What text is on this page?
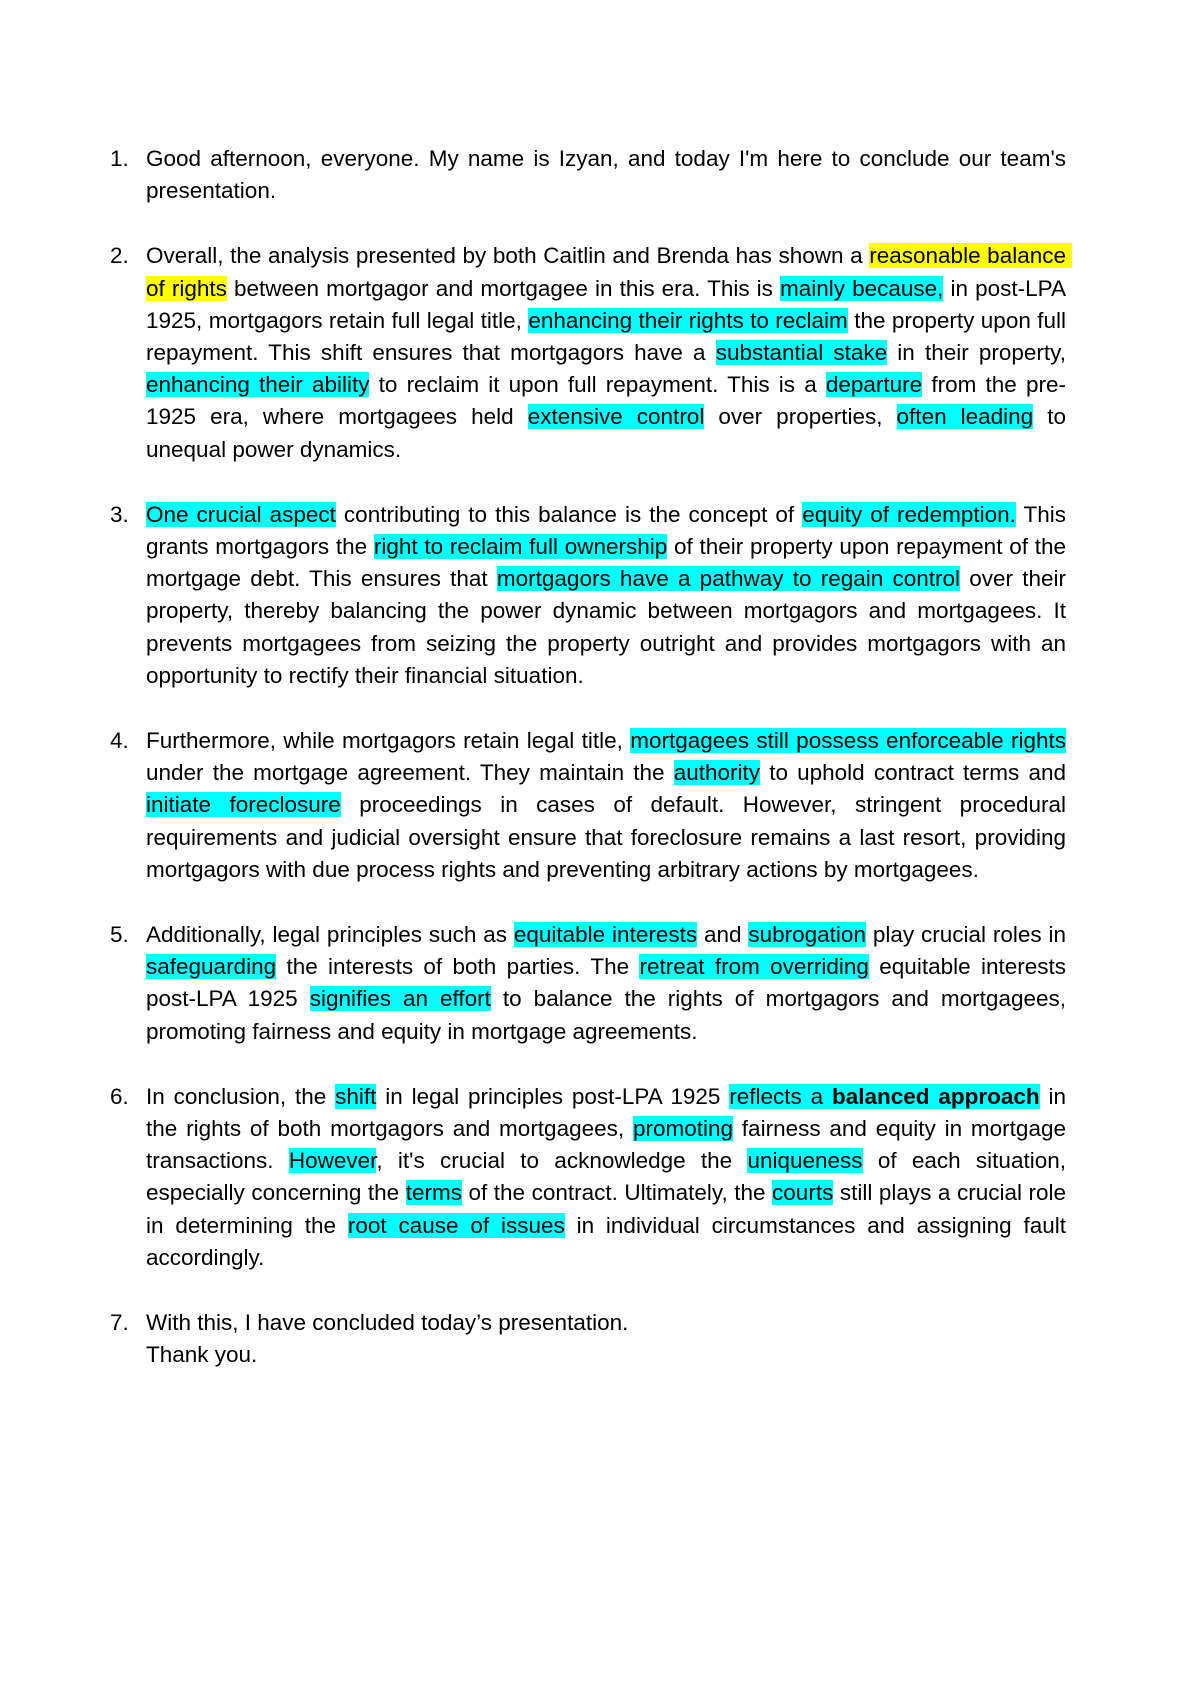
1. Good afternoon, everyone. My name is Izyan, and today I'm here to conclude our team's presentation.
2. Overall, the analysis presented by both Caitlin and Brenda has shown a reasonable balance of rights between mortgagor and mortgagee in this era. This is mainly because, in post-LPA 1925, mortgagors retain full legal title, enhancing their rights to reclaim the property upon full repayment. This shift ensures that mortgagors have a substantial stake in their property, enhancing their ability to reclaim it upon full repayment. This is a departure from the pre-1925 era, where mortgagees held extensive control over properties, often leading to unequal power dynamics.
3. One crucial aspect contributing to this balance is the concept of equity of redemption. This grants mortgagors the right to reclaim full ownership of their property upon repayment of the mortgage debt. This ensures that mortgagors have a pathway to regain control over their property, thereby balancing the power dynamic between mortgagors and mortgagees. It prevents mortgagees from seizing the property outright and provides mortgagors with an opportunity to rectify their financial situation.
4. Furthermore, while mortgagors retain legal title, mortgagees still possess enforceable rights under the mortgage agreement. They maintain the authority to uphold contract terms and initiate foreclosure proceedings in cases of default. However, stringent procedural requirements and judicial oversight ensure that foreclosure remains a last resort, providing mortgagors with due process rights and preventing arbitrary actions by mortgagees.
5. Additionally, legal principles such as equitable interests and subrogation play crucial roles in safeguarding the interests of both parties. The retreat from overriding equitable interests post-LPA 1925 signifies an effort to balance the rights of mortgagors and mortgagees, promoting fairness and equity in mortgage agreements.
6. In conclusion, the shift in legal principles post-LPA 1925 reflects a balanced approach in the rights of both mortgagors and mortgagees, promoting fairness and equity in mortgage transactions. However, it's crucial to acknowledge the uniqueness of each situation, especially concerning the terms of the contract. Ultimately, the courts still plays a crucial role in determining the root cause of issues in individual circumstances and assigning fault accordingly.
7. With this, I have concluded today’s presentation.
Thank you.
